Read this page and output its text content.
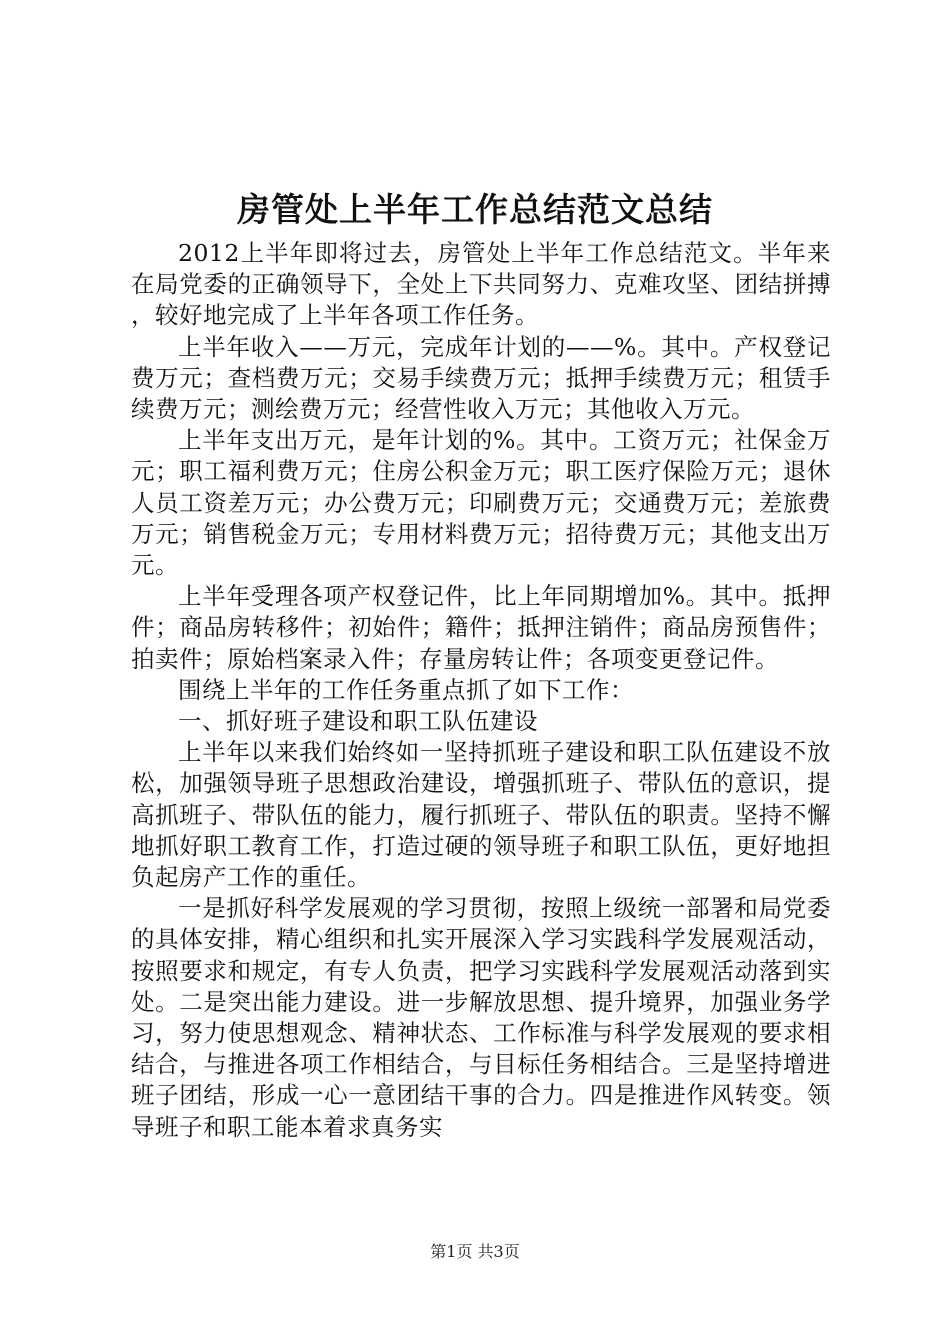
房管处上半年工作总结范文总结

2012上半年即将过去，房管处上半年工作总结范文。半年来在局党委的正确领导下，全处上下共同努力、克难攻坚、团结拼搏，较好地完成了上半年各项工作任务。

上半年收入——万元，完成年计划的——%。其中。产权登记费万元；查档费万元；交易手续费万元；抵押手续费万元；租赁手续费万元；测绘费万元；经营性收入万元；其他收入万元。

上半年支出万元，是年计划的%。其中。工资万元；社保金万元；职工福利费万元；住房公积金万元；职工医疗保险万元；退休人员工资差万元；办公费万元；印刷费万元；交通费万元；差旅费万元；销售税金万元；专用材料费万元；招待费万元；其他支出万元。

上半年受理各项产权登记件，比上年同期增加%。其中。抵押件；商品房转移件；初始件；籍件；抵押注销件；商品房预售件；拍卖件；原始档案录入件；存量房转让件；各项变更登记件。

围绕上半年的工作任务重点抓了如下工作：

一、抓好班子建设和职工队伍建设

上半年以来我们始终如一坚持抓班子建设和职工队伍建设不放松，加强领导班子思想政治建设，增强抓班子、带队伍的意识，提高抓班子、带队伍的能力，履行抓班子、带队伍的职责。坚持不懈地抓好职工教育工作，打造过硬的领导班子和职工队伍，更好地担负起房产工作的重任。

一是抓好科学发展观的学习贯彻，按照上级统一部署和局党委的具体安排，精心组织和扎实开展深入学习实践科学发展观活动，按照要求和规定，有专人负责，把学习实践科学发展观活动落到实处。二是突出能力建设。进一步解放思想、提升境界，加强业务学习，努力使思想观念、精神状态、工作标准与科学发展观的要求相结合，与推进各项工作相结合，与目标任务相结合。三是坚持增进班子团结，形成一心一意团结干事的合力。四是推进作风转变。领导班子和职工能本着求真务实

第1页 共3页
